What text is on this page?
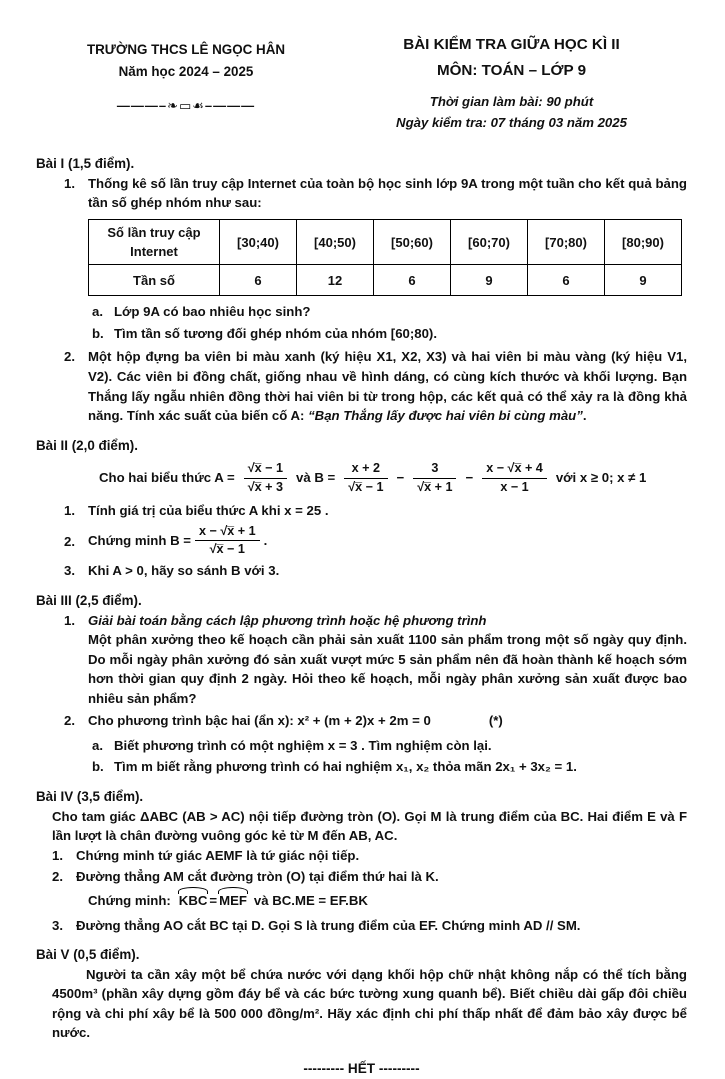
TRƯỜNG THCS LÊ NGỌC HÂN
Năm học 2024 – 2025
———–❧▭☙–———
BÀI KIỂM TRA GIỮA HỌC KÌ II
MÔN: TOÁN – LỚP 9
Thời gian làm bài: 90 phút
Ngày kiểm tra: 07 tháng 03 năm 2025
Bài I (1,5 điểm).
1. Thống kê số lần truy cập Internet của toàn bộ học sinh lớp 9A trong một tuần cho kết quả bảng tần số ghép nhóm như sau:
Số lần truy cập Internet	[30;40)	[40;50)	[50;60)	[60;70)	[70;80)	[80;90)
Tần số	6	12	6	9	6	9
a. Lớp 9A có bao nhiêu học sinh?
b. Tìm tần số tương đối ghép nhóm của nhóm [60;80).
2. Một hộp đựng ba viên bi màu xanh (ký hiệu X1, X2, X3) và hai viên bi màu vàng (ký hiệu V1, V2). Các viên bi đồng chất, giống nhau về hình dáng, có cùng kích thước và khối lượng. Bạn Thắng lấy ngẫu nhiên đồng thời hai viên bi từ trong hộp, các kết quả có thể xảy ra là đồng khả năng. Tính xác suất của biến cố A: “Bạn Thắng lấy được hai viên bi cùng màu”.
Bài II (2,0 điểm).
Cho hai biểu thức $A = \frac{√x̅ - 1}{√x̅ + 3}$ và $B = \frac{x + 2}{√x̅ - 1} - \frac{3}{√x̅ + 1} - \frac{x - √x̅ + 4}{x - 1}$ với x ≥ 0; x ≠ 1
1. Tính giá trị của biểu thức A khi x = 25 .
2. Chứng minh $B = \frac{x - √x̅ + 1}{√x̅ - 1}$ .
3. Khi A > 0, hãy so sánh B với 3.
Bài III (2,5 điểm).
1. Giải bài toán bằng cách lập phương trình hoặc hệ phương trình
Một phân xưởng theo kế hoạch cần phải sản xuất 1100 sản phẩm trong một số ngày quy định. Do mỗi ngày phân xưởng đó sản xuất vượt mức 5 sản phẩm nên đã hoàn thành kế hoạch sớm hơn thời gian quy định 2 ngày. Hỏi theo kế hoạch, mỗi ngày phân xưởng sản xuất được bao nhiêu sản phẩm?
2. Cho phương trình bậc hai (ẩn x): x² + (m + 2)x + 2m = 0	(*)
a. Biết phương trình có một nghiệm x = 3 . Tìm nghiệm còn lại.
b. Tìm m biết rằng phương trình có hai nghiệm x₁, x₂ thỏa mãn 2x₁ + 3x₂ = 1.
Bài IV (3,5 điểm).
Cho tam giác ΔABC (AB > AC) nội tiếp đường tròn (O). Gọi M là trung điểm của BC. Hai điểm E và F lần lượt là chân đường vuông góc kẻ từ M đến AB, AC.
1. Chứng minh tứ giác AEMF là tứ giác nội tiếp.
2. Đường thẳng AM cắt đường tròn (O) tại điểm thứ hai là K.
Chứng minh: KBC = MEF và BC.ME = EF.BK
3. Đường thẳng AO cắt BC tại D. Gọi S là trung điểm của EF. Chứng minh AD // SM.
Bài V (0,5 điểm).
Người ta cần xây một bể chứa nước với dạng khối hộp chữ nhật không nắp có thể tích bằng 4500m³ (phần xây dựng gồm đáy bể và các bức tường xung quanh bể). Biết chiều dài gấp đôi chiều rộng và chi phí xây bể là 500 000 đồng/m². Hãy xác định chi phí thấp nhất để đảm bảo xây được bể nước.
--------- HẾT ---------
